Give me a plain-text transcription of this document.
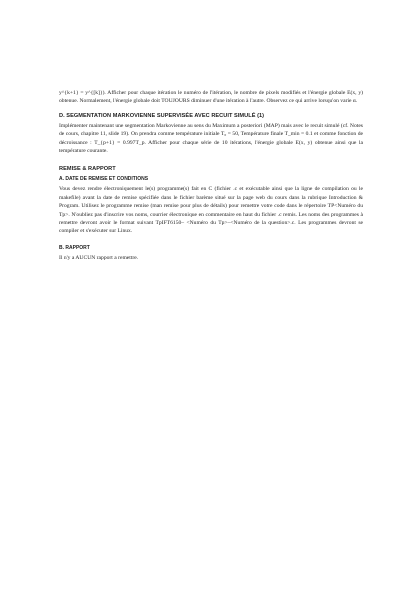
y^{k+1} = y^{[k]}). Afficher pour chaque itération le numéro de l'itération, le nombre de pixels modifiés et l'énergie globale E(x, y) obtenue. Normalement, l'énergie globale doit TOUJOURS diminuer d'une itération à l'autre. Observez ce qui arrive lorsqu'on varie α.

D. SEGMENTATION MARKOVIENNE SUPERVISÉE AVEC RECUIT SIMULÉ (1)

Implémenter maintenant une segmentation Markovienne au sens du Maximum a posteriori (MAP) mais avec le recuit simulé (cf. Notes de cours, chapitre 11, slide 19). On prendra comme température initiale T₀ = 50, Température finale T_min = 0.1 et comme fonction de décroissance : T_{p+1} = 0.997T_p. Afficher pour chaque série de 10 itérations, l'énergie globale E(x, y) obtenue ainsi que la température courante.

REMISE & RAPPORT
A. DATE DE REMISE ET CONDITIONS

Vous devez rendre électroniquement le(s) programme(s) fait en C (fichier .c et exécutable ainsi que la ligne de compilation ou le makefile) avant la date de remise spécifiée dans le fichier barème situé sur la page web du cours dans la rubrique Introduction & Program. Utilisez le programme remise (man remise pour plus de détails) pour remettre votre code dans le répertoire TP<Numéro du Tp>. N'oubliez pas d'inscrire vos noms, courrier électronique en commentaire en haut du fichier .c remis. Les noms des programmes à remettre devront avoir le format suivant TpIFT6150– <Numéro du Tp>–<Numéro de la question>.c. Les programmes devront se compiler et s'exécuter sur Linux.

B. RAPPORT

Il n'y a AUCUN rapport a remettre.
